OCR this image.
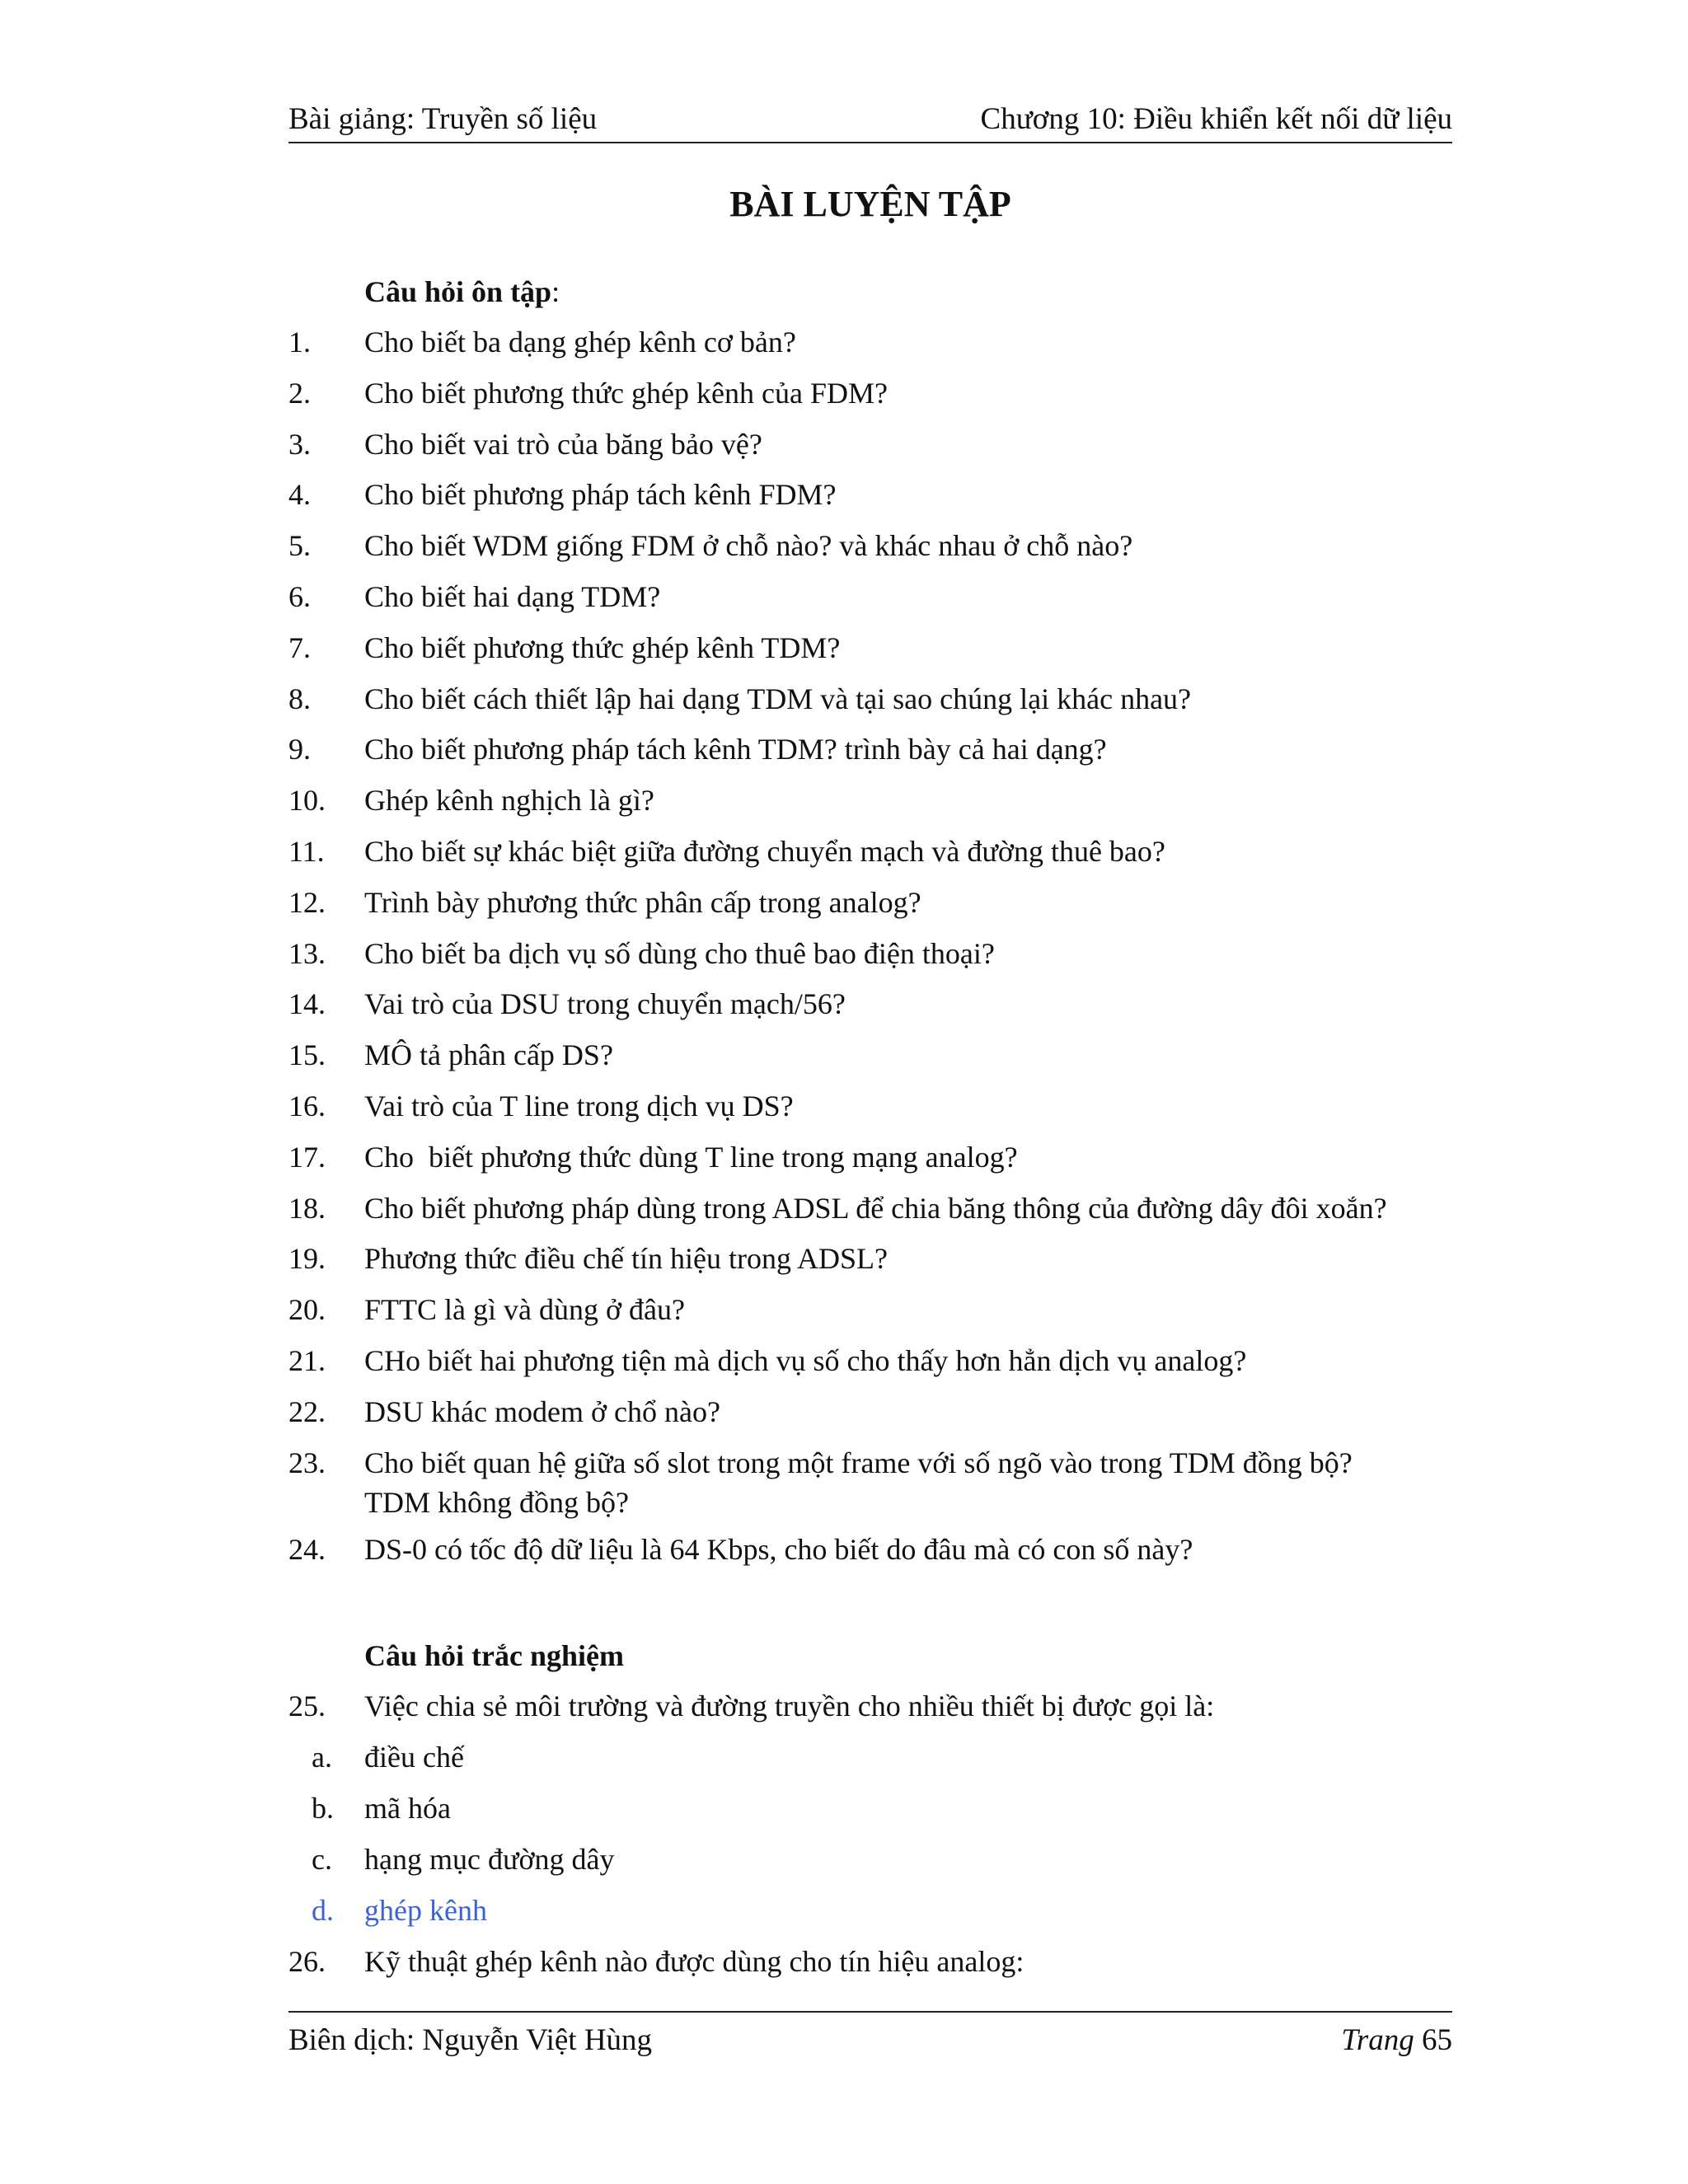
Bài giảng: Truyền số liệu	Chương 10: Điều khiển kết nối dữ liệu
BÀI LUYỆN TẬP
Câu hỏi ôn tập:
1. Cho biết ba dạng ghép kênh cơ bản?
2. Cho biết phương thức ghép kênh của FDM?
3. Cho biết vai trò của băng bảo vệ?
4. Cho biết phương pháp tách kênh FDM?
5. Cho biết WDM giống FDM ở chỗ nào? và khác nhau ở chỗ nào?
6. Cho biết hai dạng TDM?
7. Cho biết phương thức ghép kênh TDM?
8. Cho biết cách thiết lập hai dạng TDM và tại sao chúng lại khác nhau?
9. Cho biết phương pháp tách kênh TDM? trình bày cả hai dạng?
10. Ghép kênh nghịch là gì?
11. Cho biết sự khác biệt giữa đường chuyển mạch và đường thuê bao?
12. Trình bày phương thức phân cấp trong analog?
13. Cho biết ba dịch vụ số dùng cho thuê bao điện thoại?
14. Vai trò của DSU trong chuyển mạch/56?
15. MÔ tả phân cấp DS?
16. Vai trò của T line trong dịch vụ DS?
17. Cho  biết phương thức dùng T line trong mạng analog?
18. Cho biết phương pháp dùng trong ADSL để chia băng thông của đường dây đôi xoắn?
19. Phương thức điều chế tín hiệu trong ADSL?
20. FTTC là gì và dùng ở đâu?
21. CHo biết hai phương tiện mà dịch vụ số cho thấy hơn hẳn dịch vụ analog?
22. DSU khác modem ở chổ nào?
23. Cho biết quan hệ giữa số slot trong một frame với số ngõ vào trong TDM đồng bộ?
TDM không đồng bộ?
24. DS-0 có tốc độ dữ liệu là 64 Kbps, cho biết do đâu mà có con số này?
Câu hỏi trắc nghiệm
25. Việc chia sẻ môi trường và đường truyền cho nhiều thiết bị được gọi là:
a. điều chế
b. mã hóa
c. hạng mục đường dây
d. ghép kênh
26. Kỹ thuật ghép kênh nào được dùng cho tín hiệu analog:
Biên dịch: Nguyễn Việt Hùng	Trang 65
